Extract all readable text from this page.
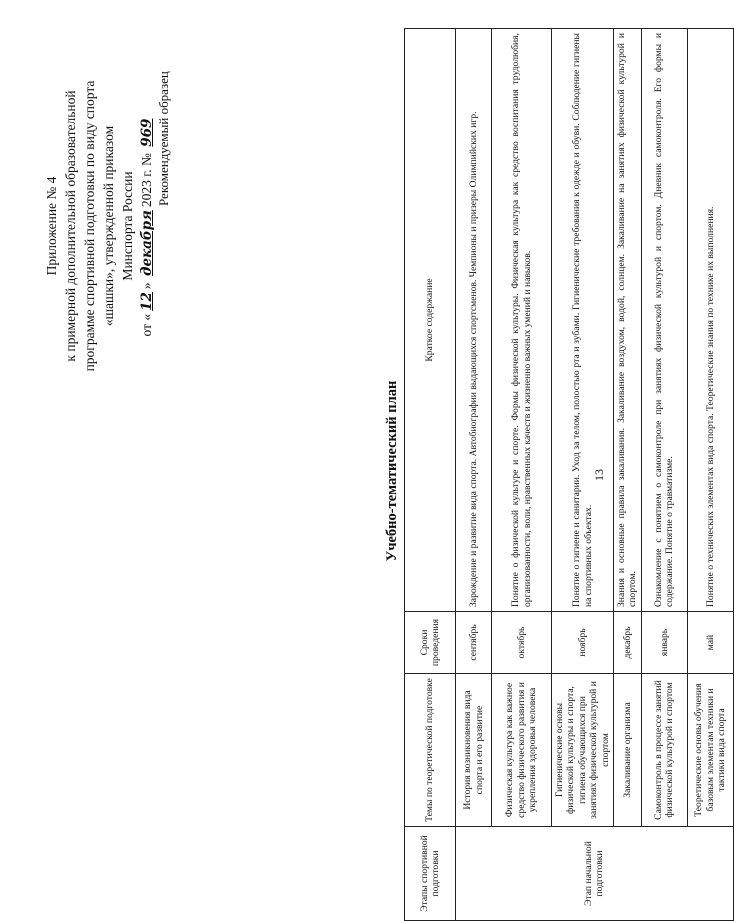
13
Приложение № 4 к примерной дополнительной образовательной программе спортивной подготовки по виду спорта «шашки», утвержденной приказом Минспорта России
от «12» декабря2023 г. № 969 Рекомендуемый образец
Учебно-тематический план
Этапы спортивной подготовки	Темы по теоретической подготовке	Сроки проведения	Краткое содержание
Этап начальной подготовки	История возникновения вида спорта и его развитие	сентябрь	Зарождение и развитие вида спорта. Автобиографии выдающихся спортсменов. Чемпионы и призеры Олимпийских игр.
	Физическая культура как важное средство физического развития и укрепления здоровья человека	октябрь	Понятие о физической культуре и спорте. Формы физической культуры. Физическая культура как средство воспитания трудолюбия, организованности, воли, нравственных качеств и жизненно важных умений и навыков.
	Гигиенические основы физической культуры и спорта, гигиена обучающихся при занятиях физической культурой и спортом	ноябрь	Понятие о гигиене и санитарии. Уход за телом, полостью рта и зубами. Гигиенические требования к одежде и обуви. Соблюдение гигиены на спортивных объектах.
	Закаливание организма	декабрь	Знания и основные правила закаливания. Закаливание воздухом, водой, солнцем. Закаливание на занятиях физической культурой и спортом.
	Самоконтроль в процессе занятий физической культурой и спортом	январь	Ознакомление с понятием о самоконтроле при занятиях физической культурой и спортом. Дневник самоконтроля. Его формы и содержание. Понятие о травматизме.
	Теоретические основы обучения базовым элементам техники и тактики вида спорта	май	Понятие о технических элементах вида спорта. Теоретические знания по технике их выполнения.
